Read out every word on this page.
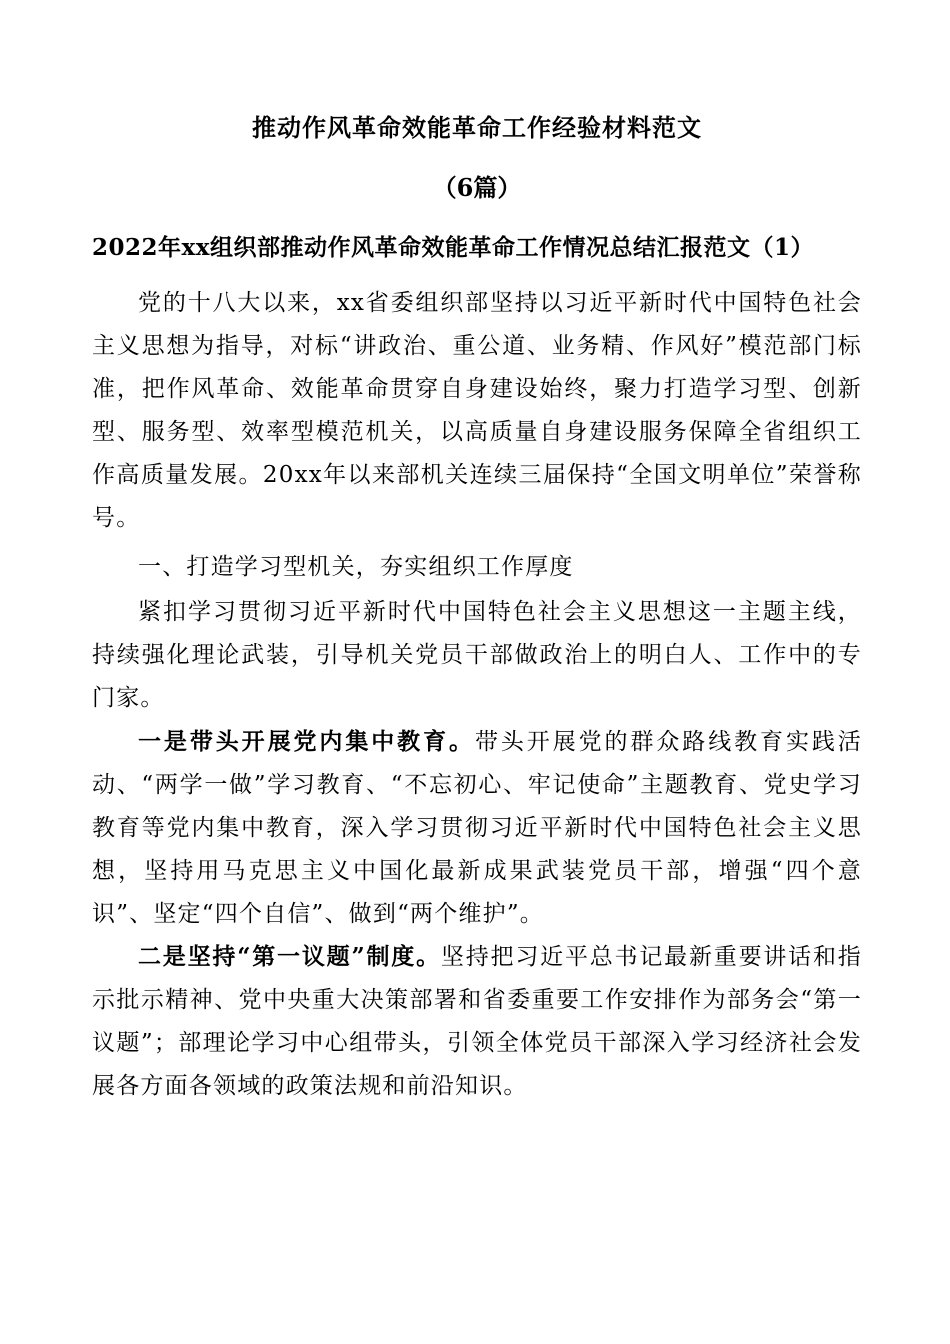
推动作风革命效能革命工作经验材料范文
（6篇）
2022年xx组织部推动作风革命效能革命工作情况总结汇报范文（1）

党的十八大以来，xx省委组织部坚持以习近平新时代中国特色社会主义思想为指导，对标“讲政治、重公道、业务精、作风好”模范部门标准，把作风革命、效能革命贯穿自身建设始终，聚力打造学习型、创新型、服务型、效率型模范机关，以高质量自身建设服务保障全省组织工作高质量发展。20xx年以来部机关连续三届保持“全国文明单位”荣誉称号。

一、打造学习型机关，夯实组织工作厚度

紧扣学习贯彻习近平新时代中国特色社会主义思想这一主题主线，持续强化理论武装，引导机关党员干部做政治上的明白人、工作中的专门家。

一是带头开展党内集中教育。带头开展党的群众路线教育实践活动、“两学一做”学习教育、“不忘初心、牢记使命”主题教育、党史学习教育等党内集中教育，深入学习贯彻习近平新时代中国特色社会主义思想，坚持用马克思主义中国化最新成果武装党员干部，增强“四个意识”、坚定“四个自信”、做到“两个维护”。

二是坚持“第一议题”制度。坚持把习近平总书记最新重要讲话和指示批示精神、党中央重大决策部署和省委重要工作安排作为部务会“第一议题”；部理论学习中心组带头，引领全体党员干部深入学习经济社会发展各方面各领域的政策法规和前沿知识。
